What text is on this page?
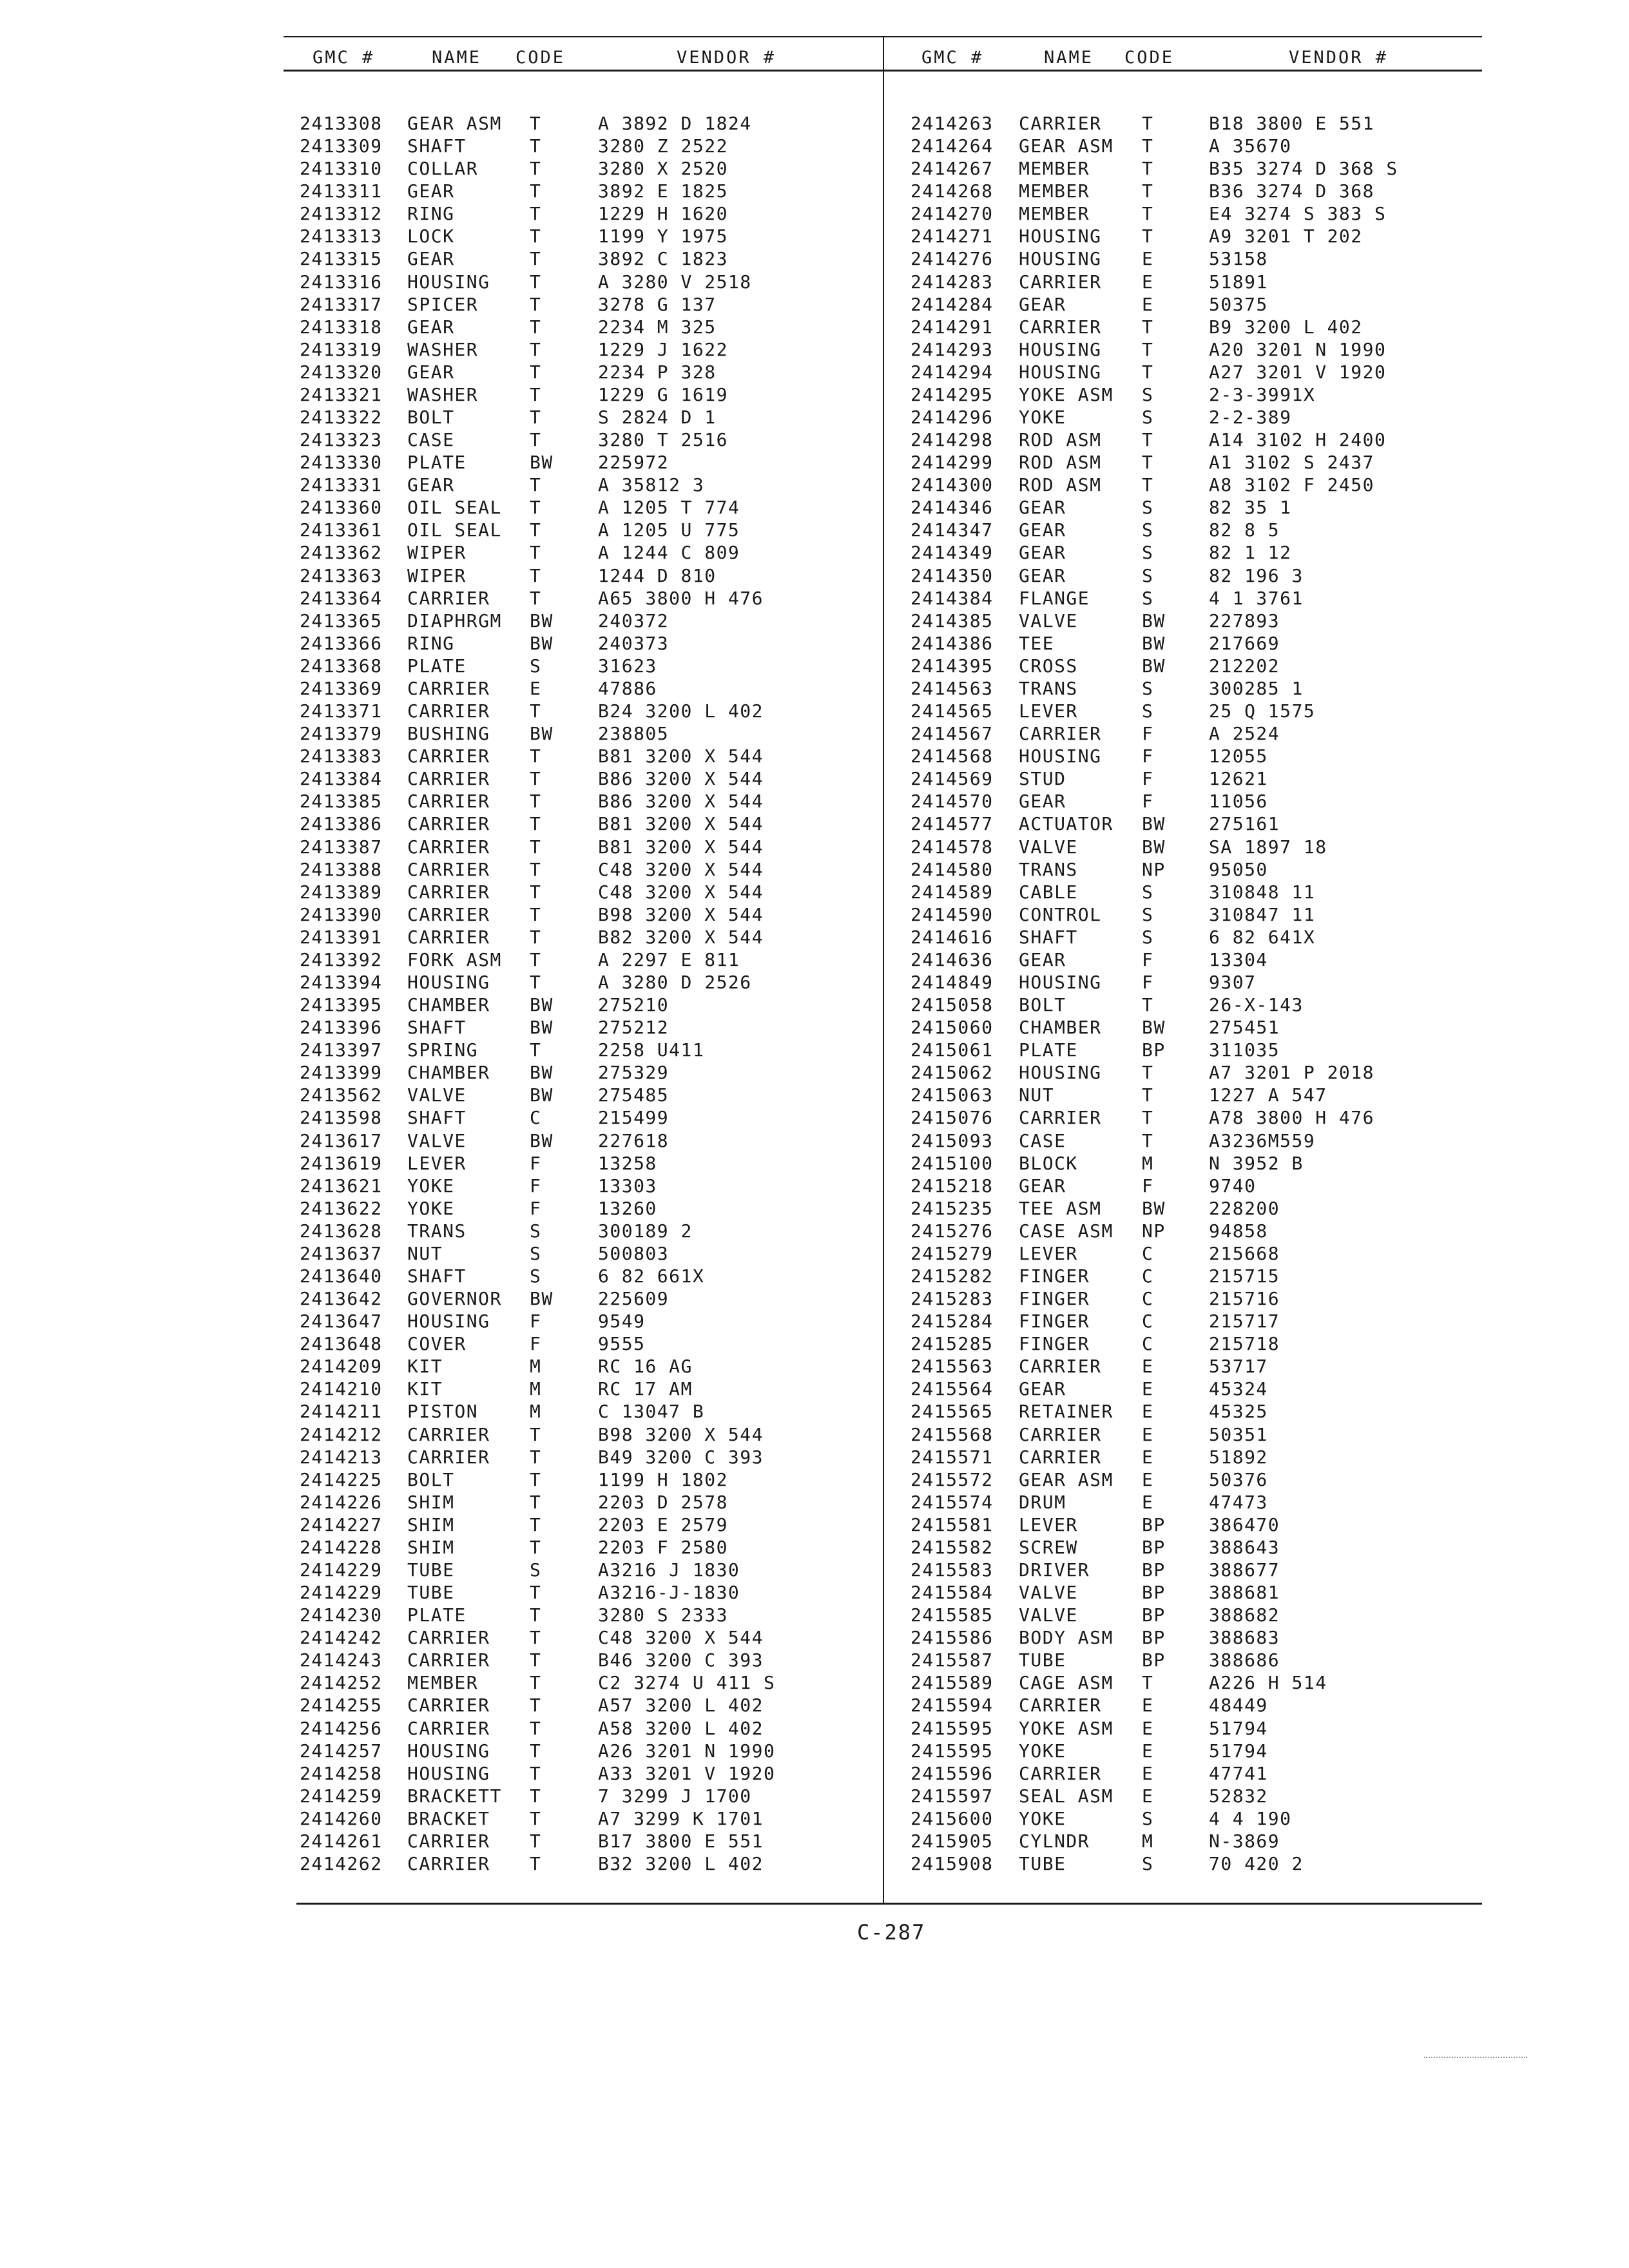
GMC #	NAME CODE	VENDOR #	GMC #	NAME CODE	VENDOR #
2413308 GEAR ASM T	A 3892 D 1824
2413309 SHAFT	T	3280 Z 2522
2413310 COLLAR	T	3280 X 2520
2413311 GEAR	T	3892 E 1825
2413312 RING	T	1229 H 1620
2413313 LOCK	T	1199 Y 1975
2413315 GEAR	T	3892 C 1823
2413316 HOUSING T	A 3280 V 2518
2413317 SPICER	T	3278 G 137
2413318 GEAR	T	2234 M 325
2413319 WASHER	T	1229 J 1622
2413320 GEAR	T	2234 P 328
2413321 WASHER	T	1229 G 1619
2413322 BOLT	T	S 2824 D 1
2413323 CASE	T	3280 T 2516
2413330 PLATE	BW 225972
2413331 GEAR	T	A 35812 3
2413360 OIL SEAL T	A 1205 T 774
2413361 OIL SEAL T	A 1205 U 775
2413362 WIPER	T	A 1244 C 809
2413363 WIPER	T	1244 D 810
2413364 CARRIER T	A65 3800 H 476
2413365 DIAPHRGM BW 240372
2413366 RING	BW 240373
2413368 PLATE	S	31623
2413369 CARRIER E	47886
2413371 CARRIER T	B24 3200 L 402
2413379 BUSHING BW 238805
2413383 CARRIER T	B81 3200 X 544
2413384 CARRIER T	B86 3200 X 544
2413385 CARRIER T	B86 3200 X 544
2413386 CARRIER T	B81 3200 X 544
2413387 CARRIER T	B81 3200 X 544
2413388 CARRIER T	C48 3200 X 544
2413389 CARRIER T	C48 3200 X 544
2413390 CARRIER T	B98 3200 X 544
2413391 CARRIER T	B82 3200 X 544
2413392 FORK ASM T	A 2297 E 811
2413394 HOUSING T	A 3280 D 2526
2413395 CHAMBER BW 275210
2413396 SHAFT	BW 275212
2413397 SPRING	T	2258 U411
2413399 CHAMBER BW 275329
2413562 VALVE	BW 275485
2413598 SHAFT	C	215499
2413617 VALVE	BW 227618
2413619 LEVER	F	13258
2413621 YOKE	F	13303
2413622 YOKE	F	13260
2413628 TRANS	S	300189 2
2413637 NUT	S	500803
2413640 SHAFT	S	6 82 661X
2413642 GOVERNOR BW 225609
2413647 HOUSING F	9549
2413648 COVER	F	9555
2414209 KIT	M	RC 16 AG
2414210 KIT	M	RC 17 AM
2414211 PISTON	M	C 13047 B
2414212 CARRIER T	B98 3200 X 544
2414213 CARRIER T	B49 3200 C 393
2414225 BOLT	T	1199 H 1802
2414226 SHIM	T	2203 D 2578
2414227 SHIM	T	2203 E 2579
2414228 SHIM	T	2203 F 2580
2414229 TUBE	S	A3216 J 1830
2414229 TUBE	T	A3216-J-1830
2414230 PLATE	T	3280 S 2333
2414242 CARRIER T	C48 3200 X 544
2414243 CARRIER T	B46 3200 C 393
2414252 MEMBER	T	C2 3274 U 411 S
2414255 CARRIER T	A57 3200 L 402
2414256 CARRIER T	A58 3200 L 402
2414257 HOUSING T	A26 3201 N 1990
2414258 HOUSING T	A33 3201 V 1920
2414259 BRACKETT T	7 3299 J 1700
2414260 BRACKET T	A7 3299 K 1701
2414261 CARRIER T	B17 3800 E 551
2414262 CARRIER T	B32 3200 L 402
2414263 CARRIER T	B18 3800 E 551
2414264 GEAR ASM T	A 35670
2414267 MEMBER	T	B35 3274 D 368 S
2414268 MEMBER	T	B36 3274 D 368
2414270 MEMBER	T	E4 3274 S 383 S
2414271 HOUSING T	A9 3201 T 202
2414276 HOUSING E	53158
2414283 CARRIER E	51891
2414284 GEAR	E	50375
2414291 CARRIER T	B9 3200 L 402
2414293 HOUSING T	A20 3201 N 1990
2414294 HOUSING T	A27 3201 V 1920
2414295 YOKE ASM S	2-3-3991X
2414296 YOKE	S	2-2-389
2414298 ROD ASM T	A14 3102 H 2400
2414299 ROD ASM T	A1 3102 S 2437
2414300 ROD ASM T	A8 3102 F 2450
2414346 GEAR	S	82 35 1
2414347 GEAR	S	82 8 5
2414349 GEAR	S	82 1 12
2414350 GEAR	S	82 196 3
2414384 FLANGE	S	4 1 3761
2414385 VALVE	BW 227893
2414386 TEE	BW 217669
2414395 CROSS	BW 212202
2414563 TRANS	S	300285 1
2414565 LEVER	S	25 Q 1575
2414567 CARRIER F	A 2524
2414568 HOUSING F	12055
2414569 STUD	F	12621
2414570 GEAR	F	11056
2414577 ACTUATOR BW 275161
2414578 VALVE	BW SA 1897 18
2414580 TRANS	NP 95050
2414589 CABLE	S	310848 11
2414590 CONTROL S	310847 11
2414616 SHAFT	S	6 82 641X
2414636 GEAR	F	13304
2414849 HOUSING F	9307
2415058 BOLT	T	26-X-143
2415060 CHAMBER BW 275451
2415061 PLATE	BP 311035
2415062 HOUSING T	A7 3201 P 2018
2415063 NUT	T	1227 A 547
2415076 CARRIER T	A78 3800 H 476
2415093 CASE	T	A3236M559
2415100 BLOCK	M	N 3952 B
2415218 GEAR	F	9740
2415235 TEE ASM BW 228200
2415276 CASE ASM NP 94858
2415279 LEVER	C	215668
2415282 FINGER	C	215715
2415283 FINGER	C	215716
2415284 FINGER	C	215717
2415285 FINGER	C	215718
2415563 CARRIER E	53717
2415564 GEAR	E	45324
2415565 RETAINER E	45325
2415568 CARRIER E	50351
2415571 CARRIER E	51892
2415572 GEAR ASM E	50376
2415574 DRUM	E	47473
2415581 LEVER	BP 386470
2415582 SCREW	BP 388643
2415583 DRIVER	BP 388677
2415584 VALVE	BP 388681
2415585 VALVE	BP 388682
2415586 BODY ASM BP 388683
2415587 TUBE	BP 388686
2415589 CAGE ASM T	A226 H 514
2415594 CARRIER E	48449
2415595 YOKE ASM E	51794
2415595 YOKE	E	51794
2415596 CARRIER E	47741
2415597 SEAL ASM E	52832
2415600 YOKE	S	4 4 190
2415905 CYLNDR	M	N-3869
2415908 TUBE	S	70 420 2
C-287
